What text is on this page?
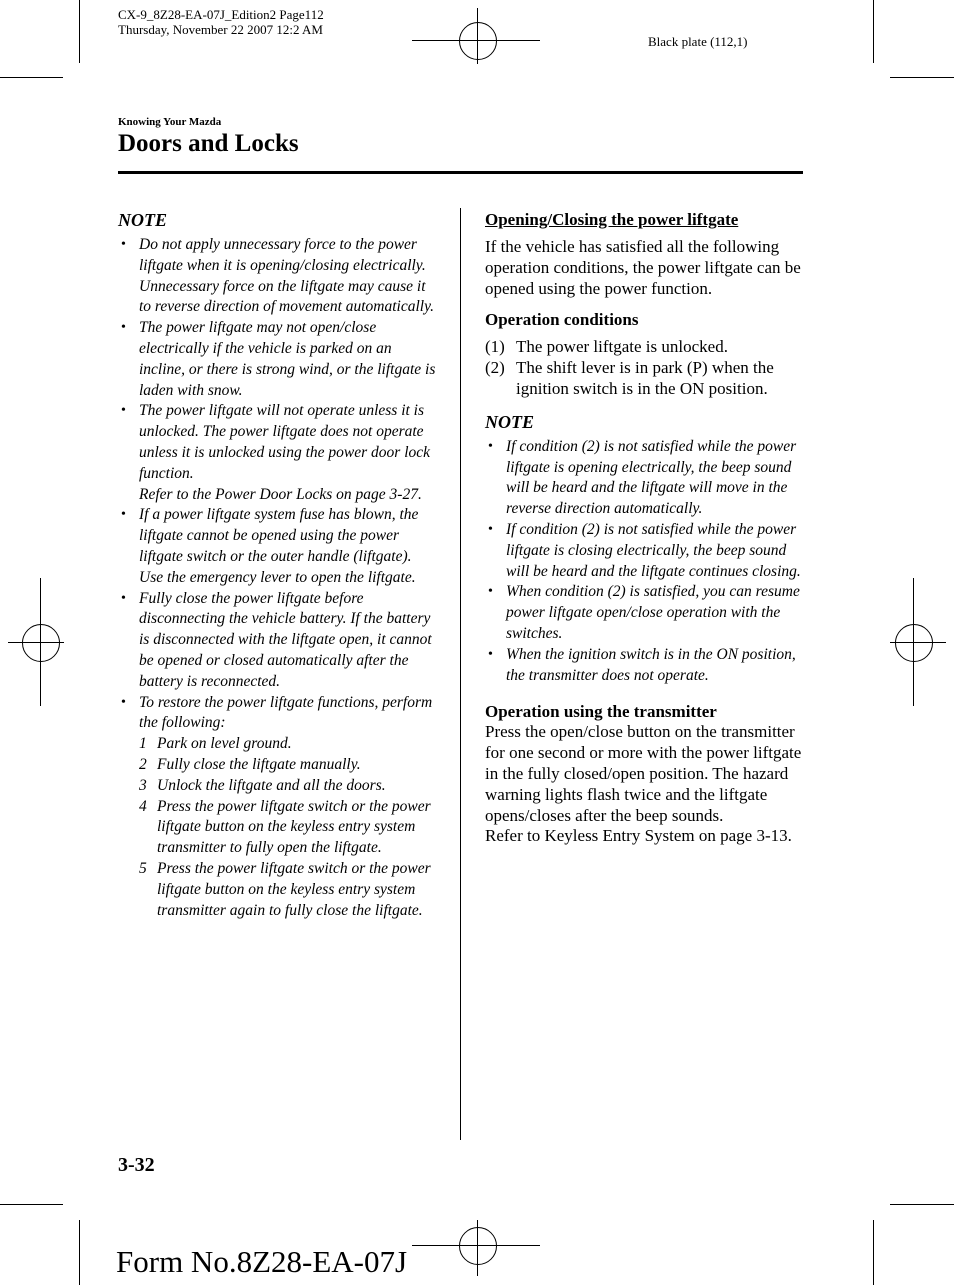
CX-9_8Z28-EA-07J_Edition2 Page112
Thursday, November 22 2007 12:2 AM
Black plate (112,1)
Knowing Your Mazda
Doors and Locks
NOTE
• Do not apply unnecessary force to the power liftgate when it is opening/closing electrically. Unnecessary force on the liftgate may cause it to reverse direction of movement automatically.
• The power liftgate may not open/close electrically if the vehicle is parked on an incline, or there is strong wind, or the liftgate is laden with snow.
• The power liftgate will not operate unless it is unlocked. The power liftgate does not operate unless it is unlocked using the power door lock function.
Refer to the Power Door Locks on page 3-27.
• If a power liftgate system fuse has blown, the liftgate cannot be opened using the power liftgate switch or the outer handle (liftgate).
Use the emergency lever to open the liftgate.
• Fully close the power liftgate before disconnecting the vehicle battery. If the battery is disconnected with the liftgate open, it cannot be opened or closed automatically after the battery is reconnected.
• To restore the power liftgate functions, perform the following:
1 Park on level ground.
2 Fully close the liftgate manually.
3 Unlock the liftgate and all the doors.
4 Press the power liftgate switch or the power liftgate button on the keyless entry system transmitter to fully open the liftgate.
5 Press the power liftgate switch or the power liftgate button on the keyless entry system transmitter again to fully close the liftgate.

Opening/Closing the power liftgate

If the vehicle has satisfied all the following operation conditions, the power liftgate can be opened using the power function.

Operation conditions

(1) The power liftgate is unlocked.
(2) The shift lever is in park (P) when the ignition switch is in the ON position.
NOTE
• If condition (2) is not satisfied while the power liftgate is opening electrically, the beep sound will be heard and the liftgate will move in the reverse direction automatically.
• If condition (2) is not satisfied while the power liftgate is closing electrically, the beep sound will be heard and the liftgate continues closing.
• When condition (2) is satisfied, you can resume power liftgate open/close operation with the switches.
• When the ignition switch is in the ON position, the transmitter does not operate.

Operation using the transmitter

Press the open/close button on the transmitter for one second or more with the power liftgate in the fully closed/open position. The hazard warning lights flash twice and the liftgate opens/closes after the beep sounds.

Refer to Keyless Entry System on page 3-13.

3-32
Form No.8Z28-EA-07J
